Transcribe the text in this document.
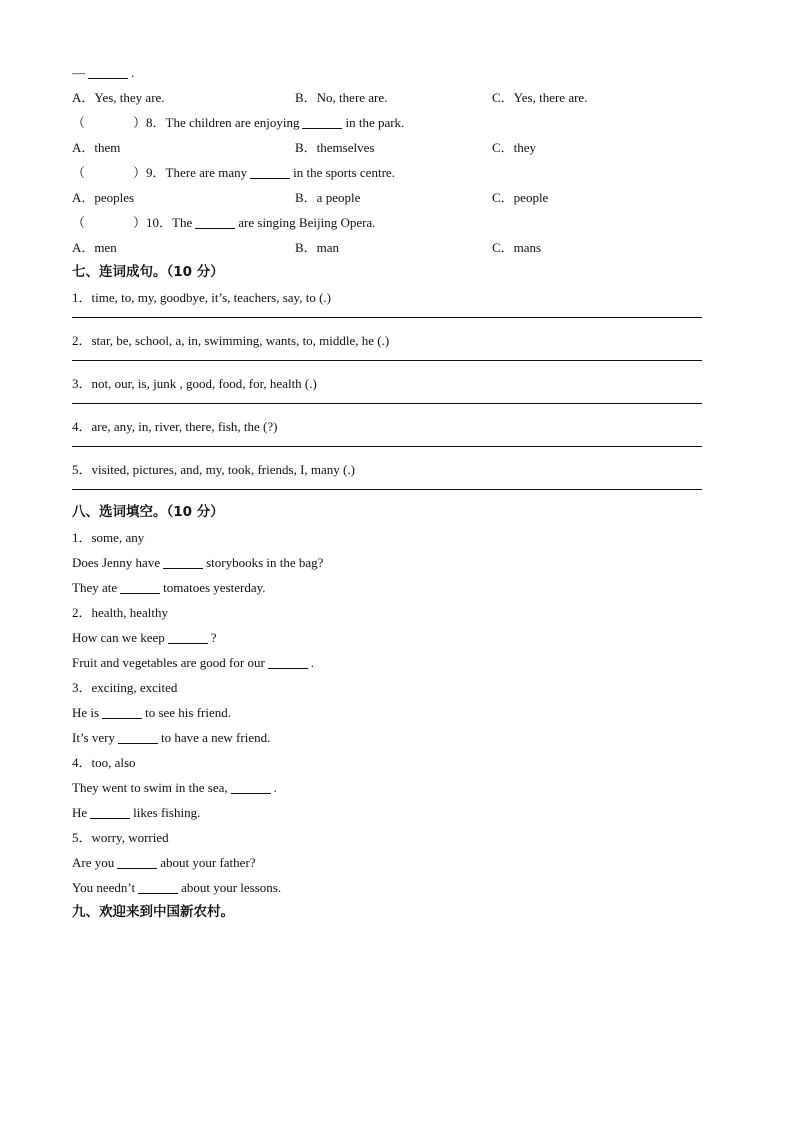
—	.
A．Yes, they are.	B．No, there are.	C．Yes, there are.
（	）8．The children are enjoying	in the park.
A．them	B．themselves	C．they
（	）9．There are many	in the sports centre.
A．peoples	B．a people	C．people
（	）10．The	are singing Beijing Opera.
A．men	B．man	C．mans
七、连词成句。（10 分）
1．time, to, my, goodbye, it’s, teachers, say, to (.)
2．star, be, school, a, in, swimming, wants, to, middle, he (.)
3．not, our, is, junk , good, food, for, health (.)
4．are, any, in, river, there, fish, the (?)
5．visited, pictures, and, my, took, friends, I, many (.)
八、选词填空。（10 分）
1．some, any
Does Jenny have	storybooks in the bag?
They ate	tomatoes yesterday.
2．health, healthy
How can we keep	?
Fruit and vegetables are good for our	.
3．exciting, excited
He is	to see his friend.
It’s very	to have a new friend.
4．too, also
They went to swim in the sea,	.
He	likes fishing.
5．worry, worried
Are you	about your father?
You needn’t	about your lessons.
九、欢迎来到中国新农村。
